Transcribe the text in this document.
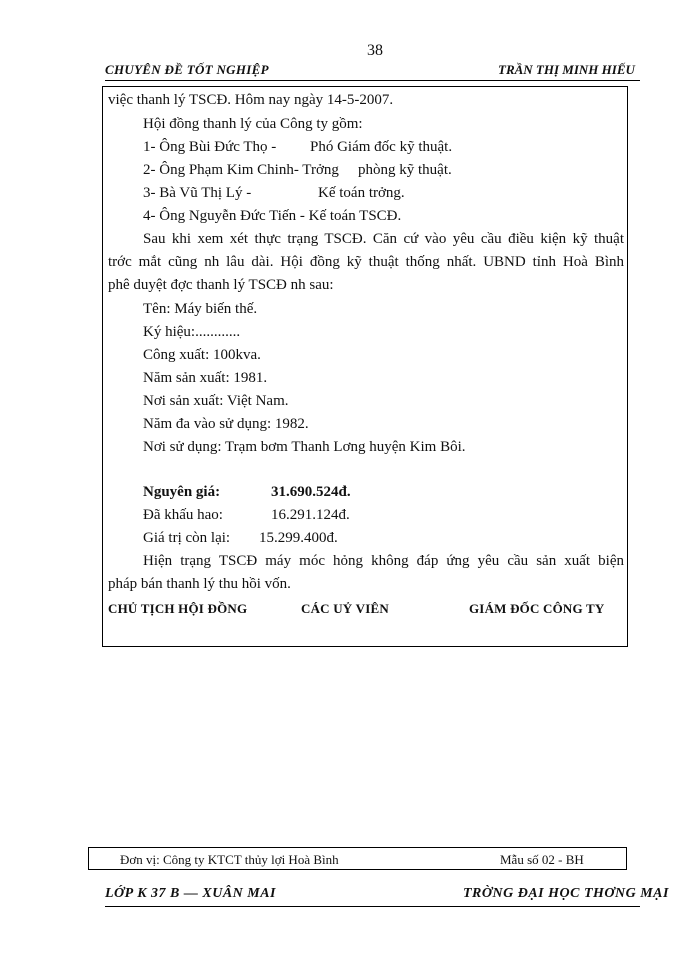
38
CHUYÊN ĐỀ TỐT NGHIỆP	TRẦN THỊ MINH HIẾU
việc thanh lý TSCĐ. Hôm nay ngày 14-5-2007.
Hội đồng thanh lý của Công ty gồm:
1- Ông Bùi Đức Thọ - Phó Giám đốc kỹ thuật.
2- Ông Phạm Kim Chinh- Trởng phòng kỹ thuật.
3- Bà Vũ Thị Lý -	Kế toán trởng.
4- Ông Nguyễn Đức Tiến - Kế toán TSCĐ.
Sau khi xem xét thực trạng TSCĐ. Căn cứ vào yêu cầu điều kiện kỹ thuật
trớc mắt cũng nh lâu dài. Hội đồng kỹ thuật thống nhất. UBND tỉnh Hoà Bình
phê duyệt đợc thanh lý TSCĐ nh sau:
Tên: Máy biến thế.
Ký hiệu:............
Công xuất: 100kva.
Năm sản xuất: 1981.
Nơi sản xuất: Việt Nam.
Năm đa vào sử dụng: 1982.
Nơi sử dụng: Trạm bơm Thanh Lơng huyện Kim Bôi.
Nguyên giá:	31.690.524đ.
Đã khấu hao:	16.291.124đ.
Giá trị còn lại: 15.299.400đ.
Hiện trạng TSCĐ máy móc hỏng không đáp ứng yêu cầu sản xuất biện
pháp bán thanh lý thu hồi vốn.
CHỦ TỊCH HỘI ĐỒNG	CÁC UỶ VIÊN	GIÁM ĐỐC CÔNG TY
Đơn vị: Công ty KTCT thủy lợi Hoà Bình	Mẫu số 02 - BH
LỚP K 37 B — XUÂN MAI	TRỜNG ĐẠI HỌC THƠNG MẠI
